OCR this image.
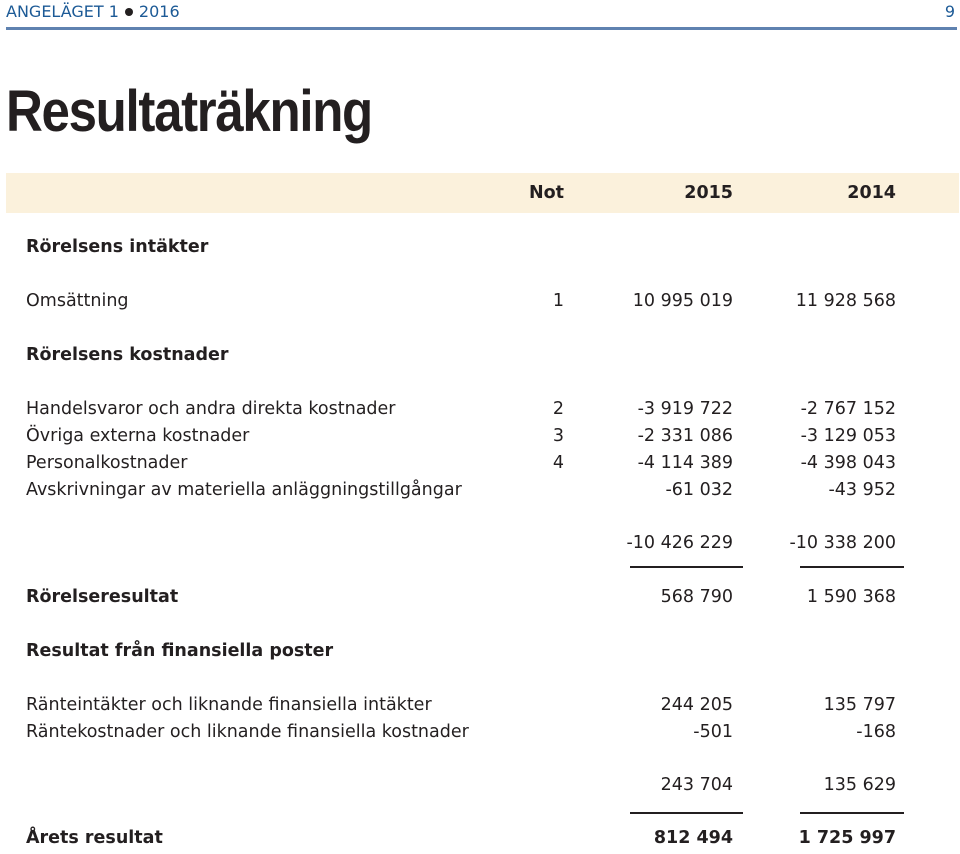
ANGELÄGET 1 2016	9
Resultaträkning
Not	2015	2014
Rörelsens intäkter
Omsättning	1	10 995 019	11 928 568
Rörelsens kostnader
Handelsvaror och andra direkta kostnader	2	-3 919 722	-2 767 152
Övriga externa kostnader	3	-2 331 086	-3 129 053
Personalkostnader	4	-4 114 389	-4 398 043
Avskrivningar av materiella anläggningstillgångar	-61 032	-43 952
-10 426 229	-10 338 200
Rörelseresultat	568 790	1 590 368
Resultat från finansiella poster
Ränteintäkter och liknande finansiella intäkter	244 205	135 797
Räntekostnader och liknande finansiella kostnader	-501	-168
243 704	135 629
Årets resultat	812 494	1 725 997
